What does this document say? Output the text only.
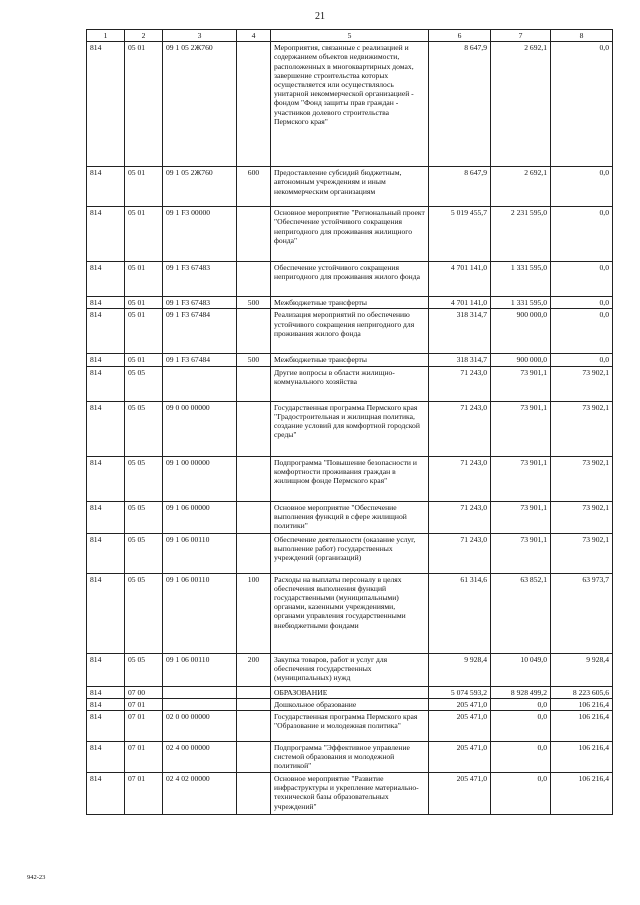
21
1	2	3	4	5	6	7	8
814	05 01	09 1 05 2Ж760		Мероприятия, связанные с реализацией и содержанием объектов недвижимости, расположенных в многоквартирных домах, завершение строительства которых осуществляется или осуществлялось унитарной некоммерческой организацией - фондом "Фонд защиты прав граждан - участников долевого строительства Пермского края"	8 647,9	2 692,1	0,0
814	05 01	09 1 05 2Ж760	600	Предоставление субсидий бюджетным, автономным учреждениям и иным некоммерческим организациям	8 647,9	2 692,1	0,0
814	05 01	09 1 F3 00000		Основное мероприятие "Региональный проект "Обеспечение устойчивого сокращения непригодного для проживания жилищного фонда"	5 019 455,7	2 231 595,0	0,0
814	05 01	09 1 F3 67483		Обеспечение устойчивого сокращения непригодного для проживания жилого фонда	4 701 141,0	1 331 595,0	0,0
814	05 01	09 1 F3 67483	500	Межбюджетные трансферты	4 701 141,0	1 331 595,0	0,0
814	05 01	09 1 F3 67484		Реализация мероприятий по обеспечению устойчивого сокращения непригодного для проживания жилого фонда	318 314,7	900 000,0	0,0
814	05 01	09 1 F3 67484	500	Межбюджетные трансферты	318 314,7	900 000,0	0,0
814	05 05			Другие вопросы в области жилищно-коммунального хозяйства	71 243,0	73 901,1	73 902,1
814	05 05	09 0 00 00000		Государственная программа Пермского края "Градостроительная и жилищная политика, создание условий для комфортной городской среды"	71 243,0	73 901,1	73 902,1
814	05 05	09 1 00 00000		Подпрограмма "Повышение безопасности и комфортности проживания граждан в жилищном фонде Пермского края"	71 243,0	73 901,1	73 902,1
814	05 05	09 1 06 00000		Основное мероприятие "Обеспечение выполнения функций в сфере жилищной политики"	71 243,0	73 901,1	73 902,1
814	05 05	09 1 06 00110		Обеспечение деятельности (оказание услуг, выполнение работ) государственных учреждений (организаций)	71 243,0	73 901,1	73 902,1
814	05 05	09 1 06 00110	100	Расходы на выплаты персоналу в целях обеспечения выполнения функций государственными (муниципальными) органами, казенными учреждениями, органами управления государственными внебюджетными фондами	61 314,6	63 852,1	63 973,7
814	05 05	09 1 06 00110	200	Закупка товаров, работ и услуг для обеспечения государственных (муниципальных) нужд	9 928,4	10 049,0	9 928,4
814	07 00			ОБРАЗОВАНИЕ	5 074 593,2	8 928 499,2	8 223 605,6
814	07 01			Дошкольное образование	205 471,0	0,0	106 216,4
814	07 01	02 0 00 00000		Государственная программа Пермского края "Образование и молодежная политика"	205 471,0	0,0	106 216,4
814	07 01	02 4 00 00000		Подпрограмма "Эффективное управление системой образования и молодежной политикой"	205 471,0	0,0	106 216,4
814	07 01	02 4 02 00000		Основное мероприятие "Развитие инфраструктуры и укрепление материально-технической базы образовательных учреждений"	205 471,0	0,0	106 216,4
942-23
